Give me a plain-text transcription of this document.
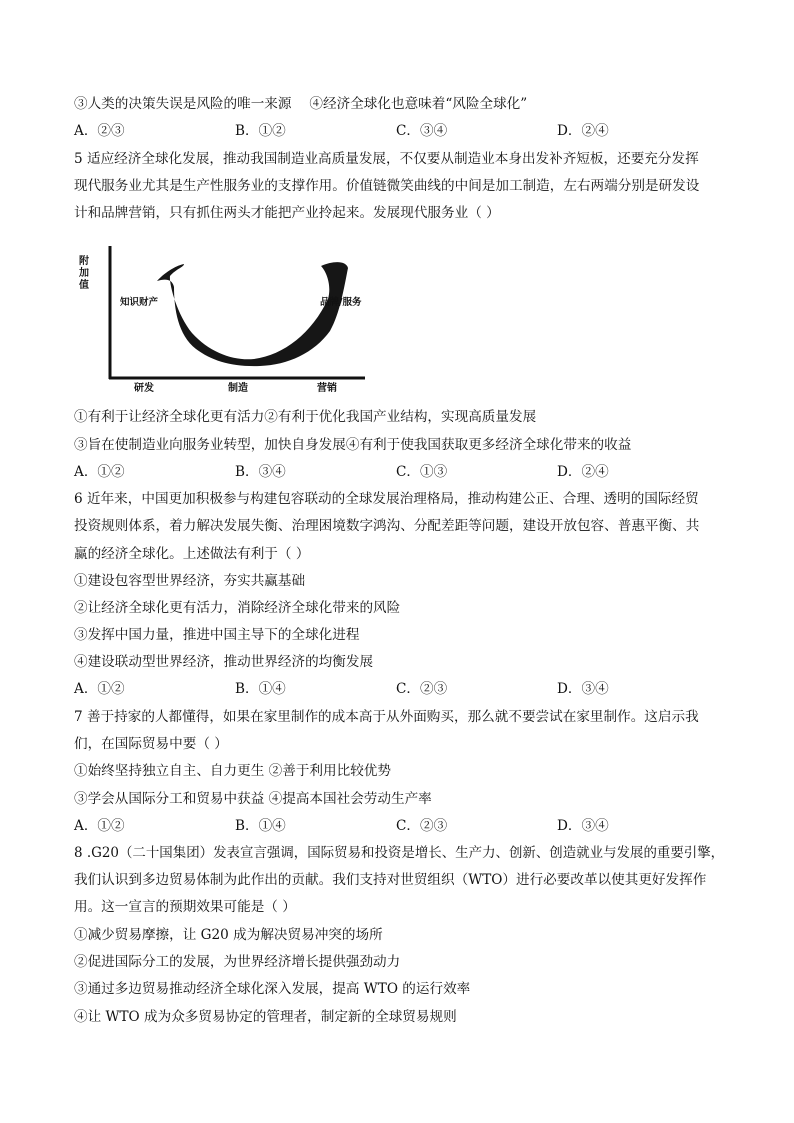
③人类的决策失误是风险的唯一来源　 ④经济全球化也意味着“风险全球化”
A．②③	B．①②	C．③④	D．②④
5 适应经济全球化发展，推动我国制造业高质量发展，不仅要从制造业本身出发补齐短板，还要充分发挥
现代服务业尤其是生产性服务业的支撑作用。价值链微笑曲线的中间是加工制造，左右两端分别是研发设
计和品牌营销，只有抓住两头才能把产业拎起来。发展现代服务业（ ）
附
加
值
知识财产	品牌/服务
研发	制造	营销
①有利于让经济全球化更有活力②有利于优化我国产业结构，实现高质量发展
③旨在使制造业向服务业转型，加快自身发展④有利于使我国获取更多经济全球化带来的收益
A．①②	B．③④	C．①③	D．②④
6 近年来，中国更加积极参与构建包容联动的全球发展治理格局，推动构建公正、合理、透明的国际经贸
投资规则体系，着力解决发展失衡、治理困境数字鸿沟、分配差距等问题，建设开放包容、普惠平衡、共
赢的经济全球化。上述做法有利于（ ）
①建设包容型世界经济，夯实共赢基础
②让经济全球化更有活力，消除经济全球化带来的风险
③发挥中国力量，推进中国主导下的全球化进程
④建设联动型世界经济，推动世界经济的均衡发展
A．①②	B．①④	C．②③	D．③④
7 善于持家的人都懂得，如果在家里制作的成本高于从外面购买，那么就不要尝试在家里制作。这启示我
们，在国际贸易中要（ ）
①始终坚持独立自主、自力更生 ②善于利用比较优势
③学会从国际分工和贸易中获益 ④提高本国社会劳动生产率
A．①②	B．①④	C．②③	D．③④
8 .G20（二十国集团）发表宣言强调，国际贸易和投资是增长、生产力、创新、创造就业与发展的重要引擎，
我们认识到多边贸易体制为此作出的贡献。我们支持对世贸组织（WTO）进行必要改革以使其更好发挥作
用。这一宣言的预期效果可能是（ ）
①减少贸易摩擦，让 G20 成为解决贸易冲突的场所
②促进国际分工的发展，为世界经济增长提供强劲动力
③通过多边贸易推动经济全球化深入发展，提高 WTO 的运行效率
④让 WTO 成为众多贸易协定的管理者，制定新的全球贸易规则
